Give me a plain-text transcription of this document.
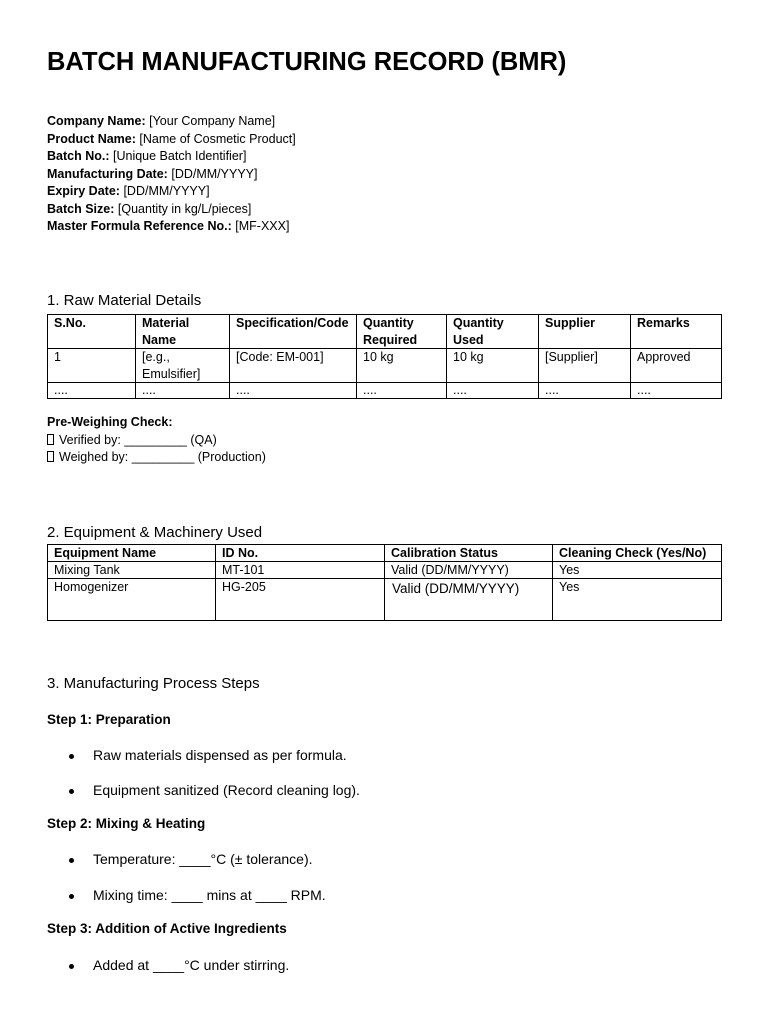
BATCH MANUFACTURING RECORD (BMR)
Company Name: [Your Company Name]
Product Name: [Name of Cosmetic Product]
Batch No.: [Unique Batch Identifier]
Manufacturing Date: [DD/MM/YYYY]
Expiry Date: [DD/MM/YYYY]
Batch Size: [Quantity in kg/L/pieces]
Master Formula Reference No.: [MF-XXX]
1. Raw Material Details
S.No.	Material Name	Specification/Code	Quantity Required	Quantity Used	Supplier	Remarks
1	[e.g., Emulsifier]	[Code: EM-001]	10 kg	10 kg	[Supplier]	Approved
....	....	....	....	....	....	....
Pre-Weighing Check:
Verified by: _________ (QA)
Weighed by: _________ (Production)
2. Equipment & Machinery Used
Equipment Name	ID No.	Calibration Status	Cleaning Check (Yes/No)
Mixing Tank	MT-101	Valid (DD/MM/YYYY)	Yes
Homogenizer	HG-205	Valid (DD/MM/YYYY)	Yes
3. Manufacturing Process Steps
Step 1: Preparation
Raw materials dispensed as per formula.
Equipment sanitized (Record cleaning log).
Step 2: Mixing & Heating
Temperature: ____°C (± tolerance).
Mixing time: ____ mins at ____ RPM.
Step 3: Addition of Active Ingredients
Added at ____°C under stirring.
